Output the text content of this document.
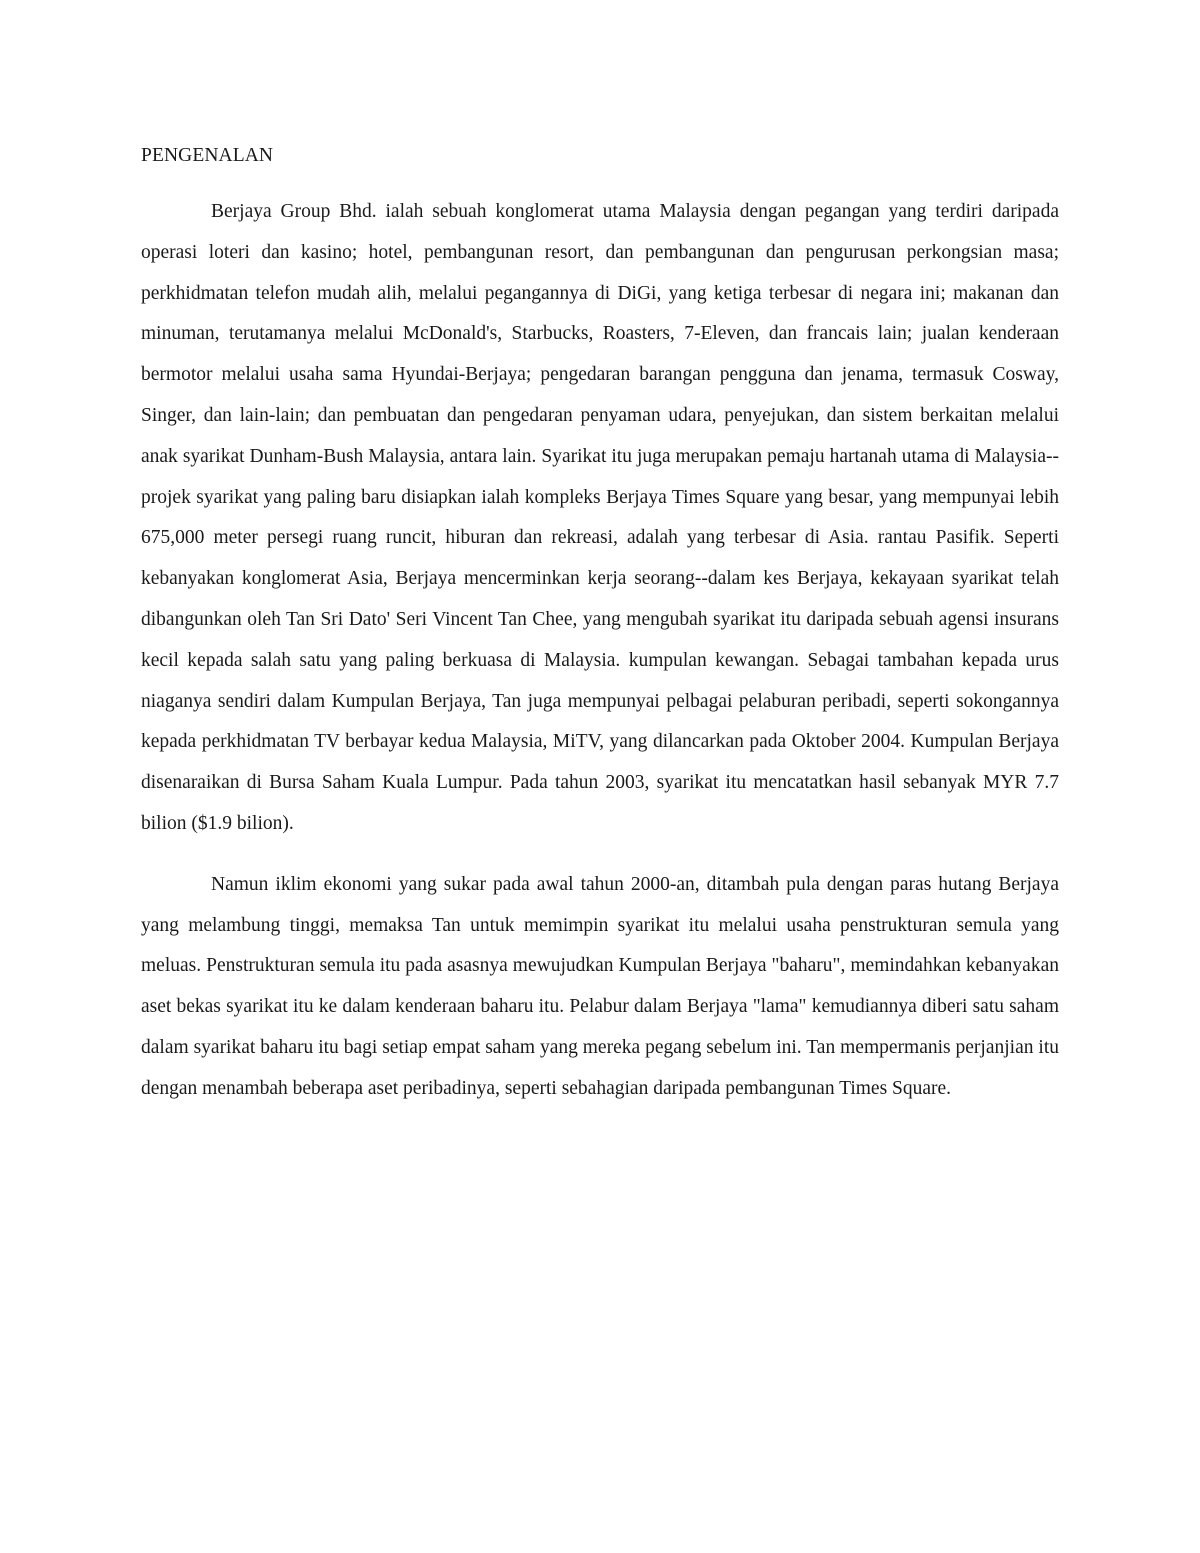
PENGENALAN

Berjaya Group Bhd. ialah sebuah konglomerat utama Malaysia dengan pegangan yang terdiri daripada operasi loteri dan kasino; hotel, pembangunan resort, dan pembangunan dan pengurusan perkongsian masa; perkhidmatan telefon mudah alih, melalui pegangannya di DiGi, yang ketiga terbesar di negara ini; makanan dan minuman, terutamanya melalui McDonald's, Starbucks, Roasters, 7-Eleven, dan francais lain; jualan kenderaan bermotor melalui usaha sama Hyundai-Berjaya; pengedaran barangan pengguna dan jenama, termasuk Cosway, Singer, dan lain-lain; dan pembuatan dan pengedaran penyaman udara, penyejukan, dan sistem berkaitan melalui anak syarikat Dunham-Bush Malaysia, antara lain. Syarikat itu juga merupakan pemaju hartanah utama di Malaysia--projek syarikat yang paling baru disiapkan ialah kompleks Berjaya Times Square yang besar, yang mempunyai lebih 675,000 meter persegi ruang runcit, hiburan dan rekreasi, adalah yang terbesar di Asia. rantau Pasifik. Seperti kebanyakan konglomerat Asia, Berjaya mencerminkan kerja seorang--dalam kes Berjaya, kekayaan syarikat telah dibangunkan oleh Tan Sri Dato' Seri Vincent Tan Chee, yang mengubah syarikat itu daripada sebuah agensi insurans kecil kepada salah satu yang paling berkuasa di Malaysia. kumpulan kewangan. Sebagai tambahan kepada urus niaganya sendiri dalam Kumpulan Berjaya, Tan juga mempunyai pelbagai pelaburan peribadi, seperti sokongannya kepada perkhidmatan TV berbayar kedua Malaysia, MiTV, yang dilancarkan pada Oktober 2004. Kumpulan Berjaya disenaraikan di Bursa Saham Kuala Lumpur. Pada tahun 2003, syarikat itu mencatatkan hasil sebanyak MYR 7.7 bilion ($1.9 bilion).

Namun iklim ekonomi yang sukar pada awal tahun 2000-an, ditambah pula dengan paras hutang Berjaya yang melambung tinggi, memaksa Tan untuk memimpin syarikat itu melalui usaha penstrukturan semula yang meluas. Penstrukturan semula itu pada asasnya mewujudkan Kumpulan Berjaya "baharu", memindahkan kebanyakan aset bekas syarikat itu ke dalam kenderaan baharu itu. Pelabur dalam Berjaya "lama" kemudiannya diberi satu saham dalam syarikat baharu itu bagi setiap empat saham yang mereka pegang sebelum ini. Tan mempermanis perjanjian itu dengan menambah beberapa aset peribadinya, seperti sebahagian daripada pembangunan Times Square.
